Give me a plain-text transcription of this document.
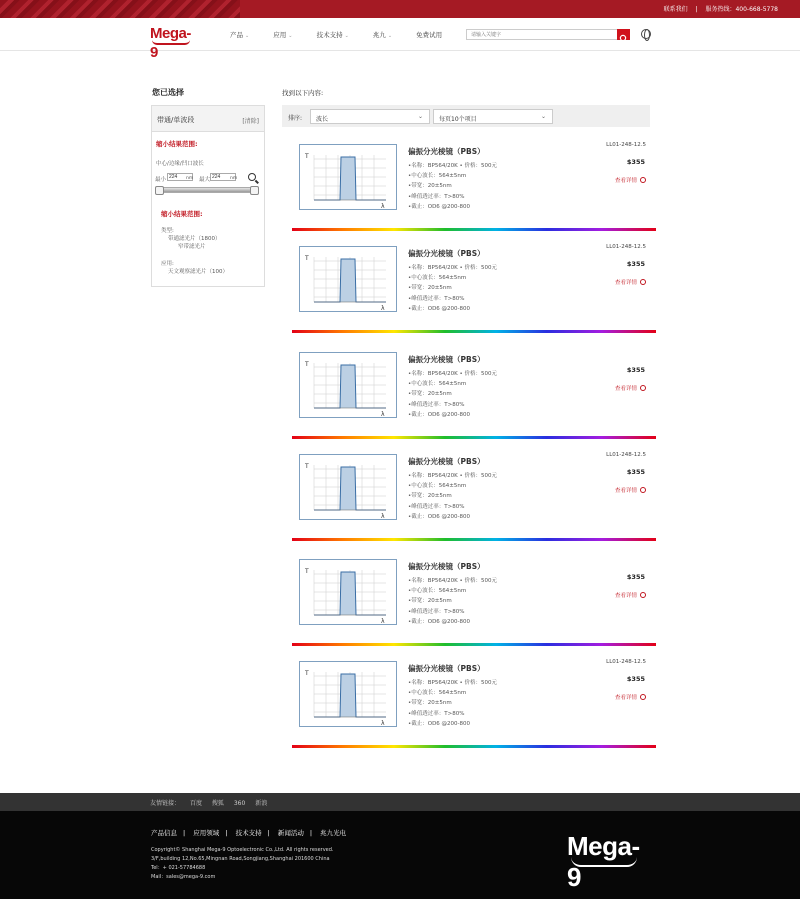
联系我们 | 服务热线：400-668-5778
Mega-9
产品 ⌄	应用 ⌄	技术支持 ⌄	兆九 ⌄	免费试用
请输入关键字
您已选择
带通/单波段	[清除]
缩小结果范围:
中心/边缘/凹口波长
最小
224	nm 最大
224	nm
缩小结果范围:
类型:
带通滤光片（1800）
窄带滤光片
应用:
天文观察滤光片（100）
找到以下内容:
排序:	波长	⌄	每页10个项目	⌄
T
λ
偏振分光棱镜（PBS）
•名称：BP564/20K • 价格：500元
•中心波长：564±5nm
•带宽：20±5nm
•峰值透过率：T>80%
•截止：OD6 @200-800
LL01-248-12.5
$355
查看详情
T
λ
偏振分光棱镜（PBS）
•名称：BP564/20K • 价格：500元
•中心波长：564±5nm
•带宽：20±5nm
•峰值透过率：T>80%
•截止：OD6 @200-800
LL01-248-12.5
$355
查看详情
T
λ
偏振分光棱镜（PBS）
•名称：BP564/20K • 价格：500元
•中心波长：564±5nm
•带宽：20±5nm
•峰值透过率：T>80%
•截止：OD6 @200-800
$355
查看详情
T
λ
偏振分光棱镜（PBS）
•名称：BP564/20K • 价格：500元
•中心波长：564±5nm
•带宽：20±5nm
•峰值透过率：T>80%
•截止：OD6 @200-800
LL01-248-12.5
$355
查看详情
T
λ
偏振分光棱镜（PBS）
•名称：BP564/20K • 价格：500元
•中心波长：564±5nm
•带宽：20±5nm
•峰值透过率：T>80%
•截止：OD6 @200-800
$355
查看详情
T
λ
偏振分光棱镜（PBS）
•名称：BP564/20K • 价格：500元
•中心波长：564±5nm
•带宽：20±5nm
•峰值透过率：T>80%
•截止：OD6 @200-800
LL01-248-12.5
$355
查看详情
友情链接： 百度 搜狐 360 新浪
产品信息 | 应用领域 | 技术支持 | 新闻活动 | 兆九光电
Copyright© Shanghai Mega-9 Optoelectronic Co.,Ltd. All rights reserved.
3/F,building 12,No.65,Mingnan Road,Songjiang,Shanghai 201600 China
Tel：+ 021-57784688
Mail：sales@mega-9.com
Mega-9
